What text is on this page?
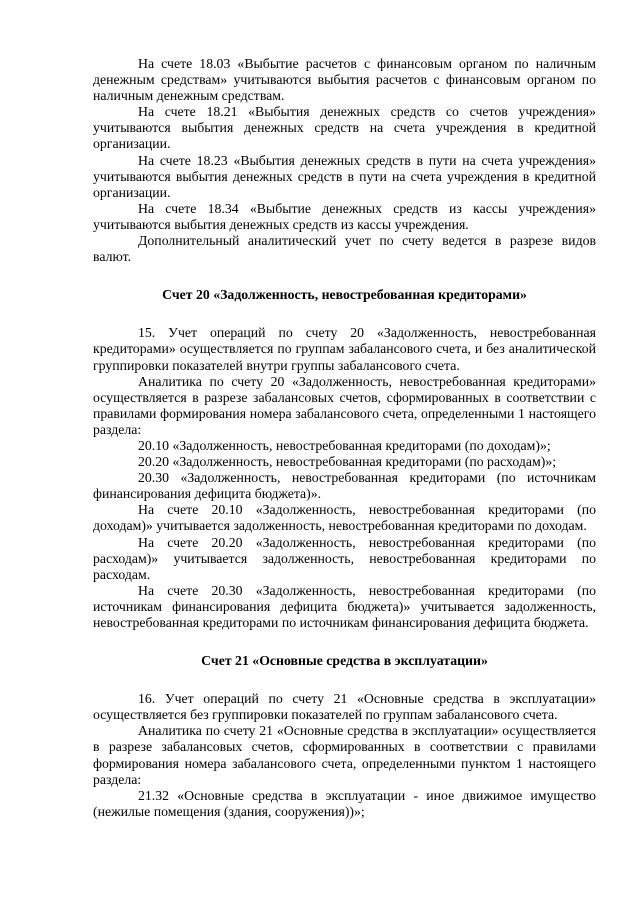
На счете 18.03 «Выбытие расчетов с финансовым органом по наличным денежным средствам» учитываются выбытия расчетов с финансовым органом по наличным денежным средствам.

На счете 18.21 «Выбытия денежных средств со счетов учреждения» учитываются выбытия денежных средств на счета учреждения в кредитной организации.

На счете 18.23 «Выбытия денежных средств в пути на счета учреждения» учитываются выбытия денежных средств в пути на счета учреждения в кредитной организации.

На счете 18.34 «Выбытие денежных средств из кассы учреждения» учитываются выбытия денежных средств из кассы учреждения.

Дополнительный аналитический учет по счету ведется в разрезе видов валют.

Счет 20 «Задолженность, невостребованная кредиторами»

15. Учет операций по счету 20 «Задолженность, невостребованная кредиторами» осуществляется по группам забалансового счета, и без аналитической группировки показателей внутри группы забалансового счета.

Аналитика по счету 20 «Задолженность, невостребованная кредиторами» осуществляется в разрезе забалансовых счетов, сформированных в соответствии с правилами формирования номера забалансового счета, определенными 1 настоящего раздела:

20.10 «Задолженность, невостребованная кредиторами (по доходам)»;

20.20 «Задолженность, невостребованная кредиторами (по расходам)»;

20.30 «Задолженность, невостребованная кредиторами (по источникам финансирования дефицита бюджета)».

На счете 20.10 «Задолженность, невостребованная кредиторами (по доходам)» учитывается задолженность, невостребованная кредиторами по доходам.

На счете 20.20 «Задолженность, невостребованная кредиторами (по расходам)» учитывается задолженность, невостребованная кредиторами по расходам.

На счете 20.30 «Задолженность, невостребованная кредиторами (по источникам финансирования дефицита бюджета)» учитывается задолженность, невостребованная кредиторами по источникам финансирования дефицита бюджета.

Счет 21 «Основные средства в эксплуатации»

16. Учет операций по счету 21 «Основные средства в эксплуатации» осуществляется без группировки показателей по группам забалансового счета.

Аналитика по счету 21 «Основные средства в эксплуатации» осуществляется в разрезе забалансовых счетов, сформированных в соответствии с правилами формирования номера забалансового счета, определенными пунктом 1 настоящего раздела:

21.32 «Основные средства в эксплуатации - иное движимое имущество (нежилые помещения (здания, сооружения))»;
